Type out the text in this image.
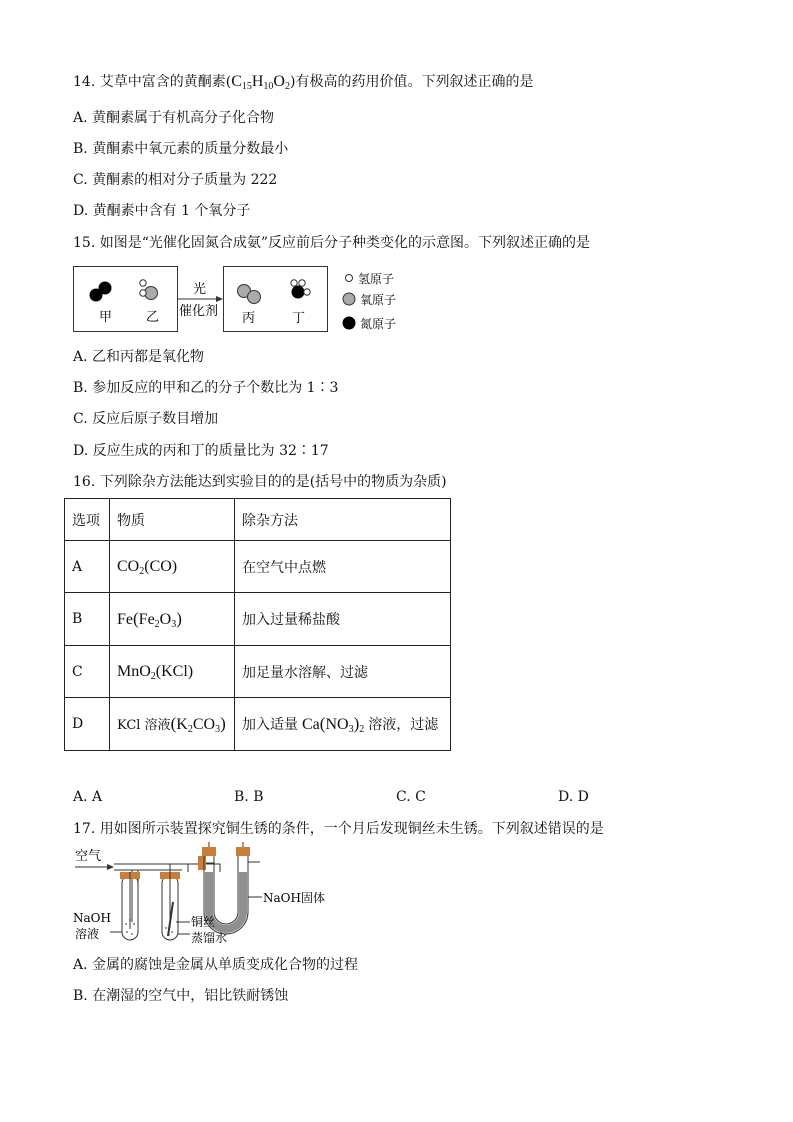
14. 艾草中富含的黄酮素$(C_{15}H_{10}O_2)$有极高的药用价值。下列叙述正确的是
A. 黄酮素属于有机高分子化合物
B. 黄酮素中氧元素的质量分数最小
C. 黄酮素的相对分子质量为 222
D. 黄酮素中含有 1 个氧分子
15. 如图是“光催化固氮合成氨”反应前后分子种类变化的示意图。下列叙述正确的是
甲	乙
光
催化剂 丙	丁
氢原子
氧原子
氮原子
A. 乙和丙都是氧化物
B. 参加反应的甲和乙的分子个数比为 1∶3
C. 反应后原子数目增加
D. 反应生成的丙和丁的质量比为 32∶17
16. 下列除杂方法能达到实验目的的是(括号中的物质为杂质)
选项	物质	除杂方法
A	$CO_2(CO)$	在空气中点燃
B	$Fe(Fe_2O_3)$	加入过量稀盐酸
C	MnO$_2$(KCl)	加足量水溶解、过滤
D	KCl 溶液$(K_2CO_3)$	加入适量 $Ca(NO_3)_2$ 溶液，过滤
A. A	B. B	C. C	D. D
17. 用如图所示装置探究铜生锈的条件，一个月后发现铜丝未生锈。下列叙述错误的是
空气
NaOH固体
NaOH
溶液
铜丝
蒸馏水
A. 金属的腐蚀是金属从单质变成化合物的过程
B. 在潮湿的空气中，铝比铁耐锈蚀
